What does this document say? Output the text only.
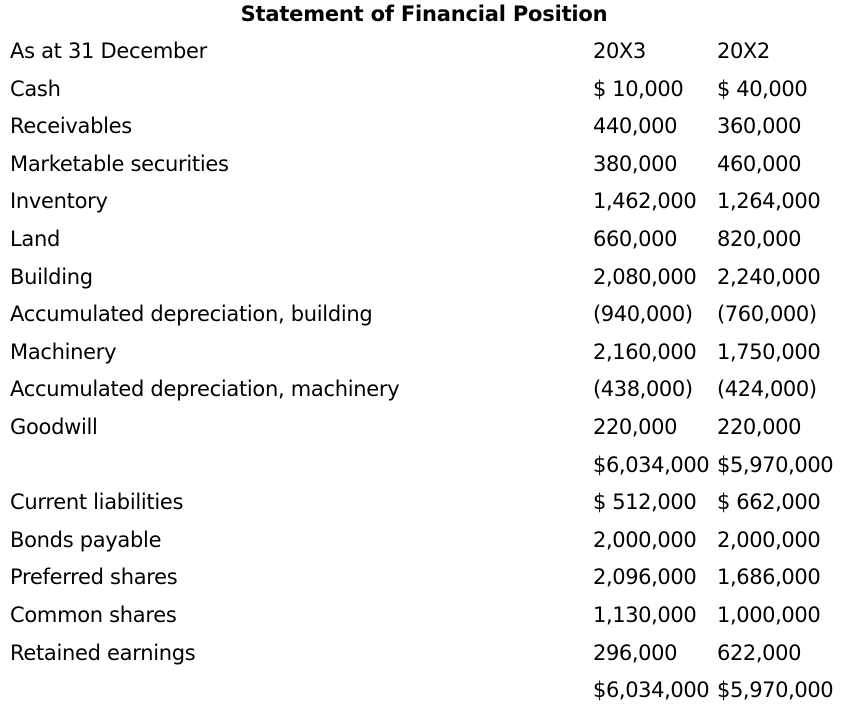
Statement of Financial Position
As at 31 December	20X3	20X2
Cash	$ 10,000 $ 40,000
Receivables	440,000 360,000
Marketable securities	380,000 460,000
Inventory	1,462,000 1,264,000
Land	660,000 820,000
Building	2,080,000 2,240,000
Accumulated depreciation, building	(940,000) (760,000)
Machinery	2,160,000 1,750,000
Accumulated depreciation, machinery	(438,000) (424,000)
Goodwill	220,000 220,000
$6,034,000 $5,970,000
Current liabilities	$ 512,000 $ 662,000
Bonds payable	2,000,000 2,000,000
Preferred shares	2,096,000 1,686,000
Common shares	1,130,000 1,000,000
Retained earnings	296,000 622,000
$6,034,000 $5,970,000
